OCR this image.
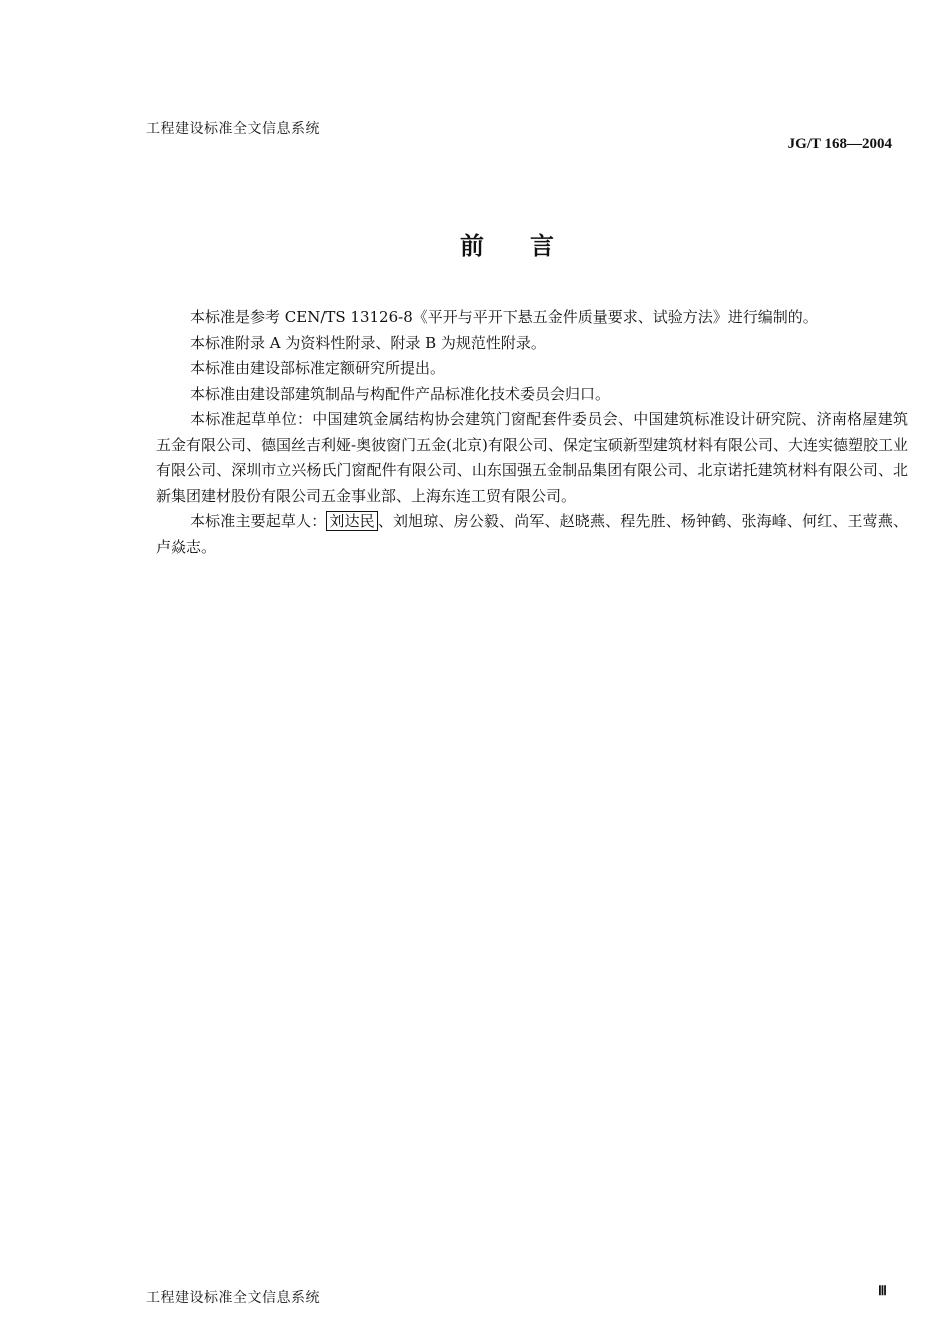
工程建设标准全文信息系统
JG/T 168—2004
前言

本标准是参考 CEN/TS 13126-8《平开与平开下悬五金件质量要求、试验方法》进行编制的。

本标准附录 A 为资料性附录、附录 B 为规范性附录。

本标准由建设部标准定额研究所提出。

本标准由建设部建筑制品与构配件产品标准化技术委员会归口。

本标准起草单位：中国建筑金属结构协会建筑门窗配套件委员会、中国建筑标准设计研究院、济南格屋建筑五金有限公司、德国丝吉利娅-奥彼窗门五金(北京)有限公司、保定宝硕新型建筑材料有限公司、大连实德塑胶工业有限公司、深圳市立兴杨氏门窗配件有限公司、山东国强五金制品集团有限公司、北京诺托建筑材料有限公司、北新集团建材股份有限公司五金事业部、上海东连工贸有限公司。

本标准主要起草人： 刘达民 、刘旭琼、房公毅、尚军、赵晓燕、程先胜、杨钟鹤、张海峰、何红、王莺燕、卢焱志。

工程建设标准全文信息系统	Ⅲ
